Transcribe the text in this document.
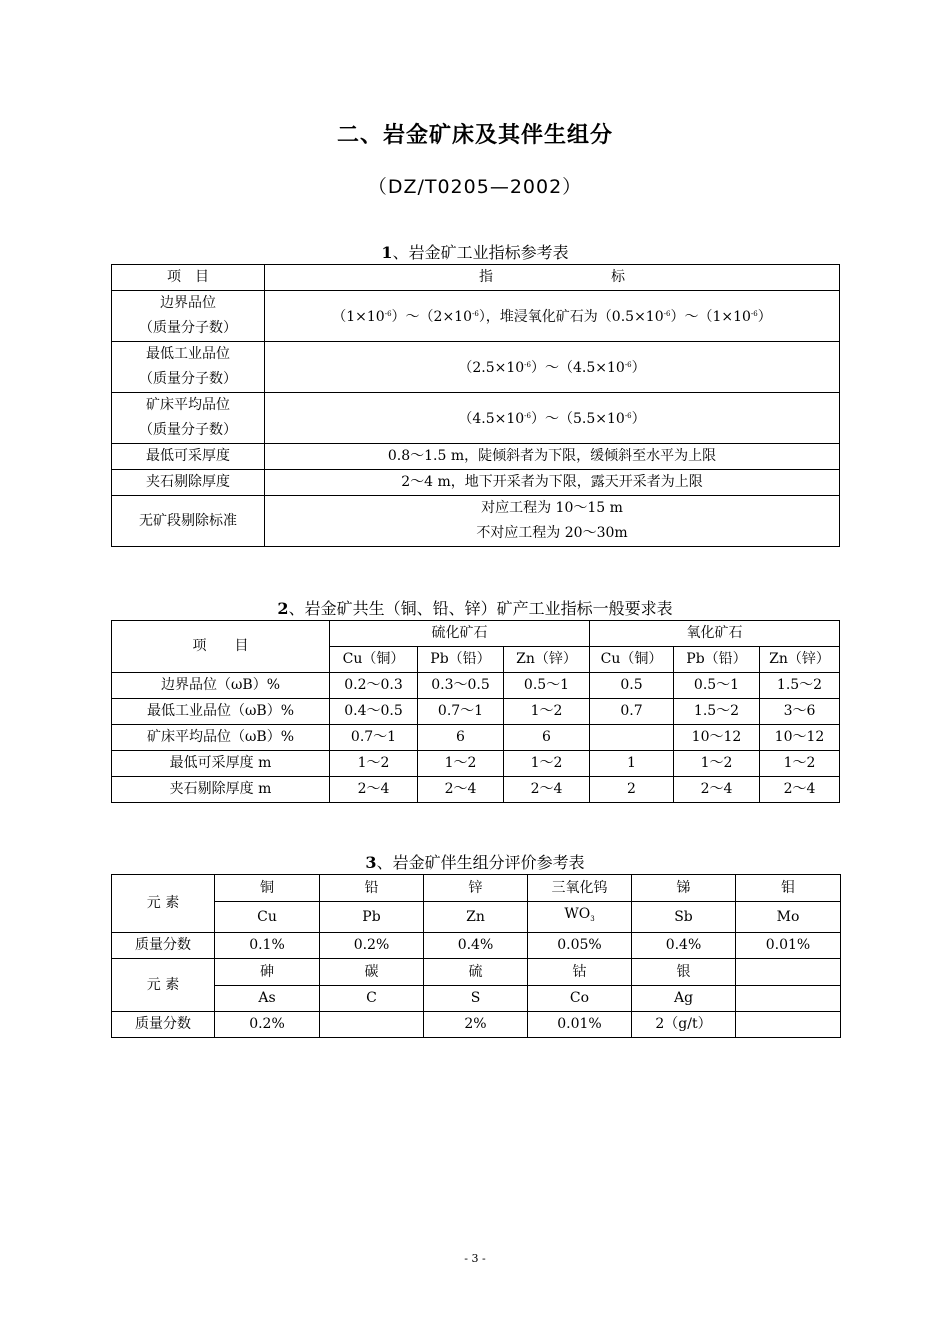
二、岩金矿床及其伴生组分
（DZ/T0205—2002）
1、岩金矿工业指标参考表
项　目	指 标

边界品位
（质量分子数）	$(1\times 10^{-6})\sim(2\times 10^{-6})$，堆浸氧化矿石为$(0.5\times 10^{-6})\sim(1\times 10^{-6})$

最低工业品位
（质量分子数）	$(2.5\times 10^{-6})\sim(4.5\times 10^{-6})$

矿床平均品位
（质量分子数）	$(4.5\times 10^{-6})\sim(5.5\times 10^{-6})$
最低可采厚度	0.8～1.5 m，陡倾斜者为下限，缓倾斜至水平为上限
夹石剔除厚度	2～4 m，地下开采者为下限，露天开采者为上限
无矿段剔除标准	对应工程为 10～15 m
不对应工程为 20～30m
2、岩金矿共生（铜、铅、锌）矿产工业指标一般要求表
项　　目	硫化矿石			氧化矿石		
	Cu（铜）	Pb（铅）	Zn（锌）	Cu（铜）	Pb（铅）	Zn（锌）
边界品位（ωB）%	0.2～0.3	0.3～0.5	0.5～1	0.5	0.5～1	1.5～2
最低工业品位（ωB）%	0.4～0.5	0.7～1	1～2	0.7	1.5～2	3～6
矿床平均品位（ωB）%	0.7～1	6	6		10～12	10～12
最低可采厚度 m	1～2	1～2	1～2	1	1～2	1～2
夹石剔除厚度 m	2～4	2～4	2～4	2	2～4	2～4
3、岩金矿伴生组分评价参考表
元 素	铜	铅	锌	三氧化钨	锑	钼
	Cu	Pb	Zn	$WO_3$	Sb	Mo
质量分数	0.1%	0.2%	0.4%	0.05%	0.4%	0.01%
元 素	砷	碳	硫	钴	银	
	As	C	S	Co	Ag	
质量分数	0.2%		2%	0.01%	2（g/t）	
- 3 -
